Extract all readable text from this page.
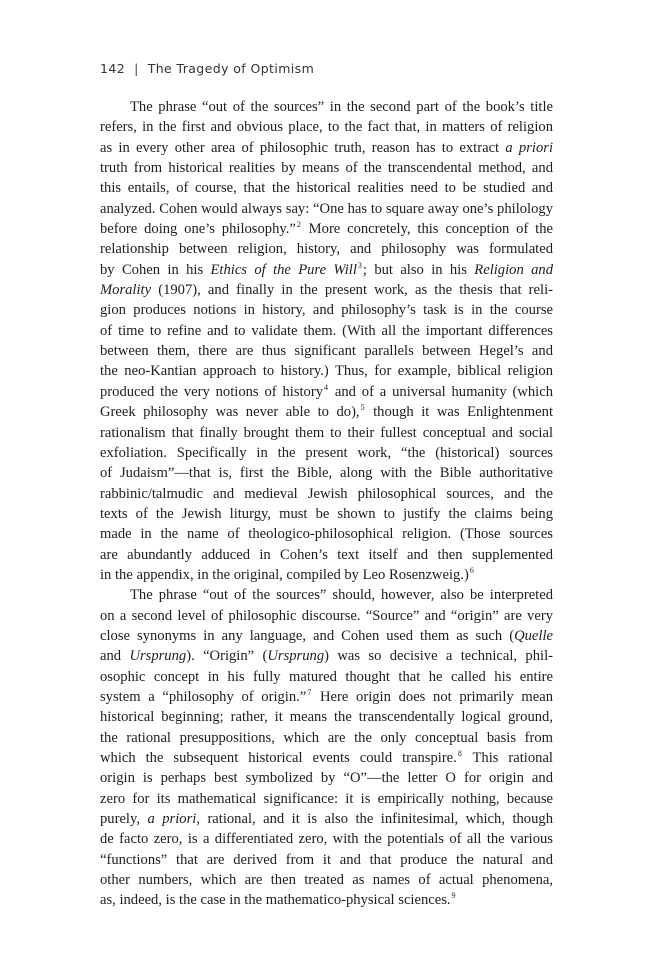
142 | The Tragedy of Optimism
The phrase “out of the sources” in the second part of the book’s title
refers, in the first and obvious place, to the fact that, in matters of religion
as in every other area of philosophic truth, reason has to extract a priori
truth from historical realities by means of the transcendental method, and
this entails, of course, that the historical realities need to be studied and
analyzed. Cohen would always say: “One has to square away one’s philology
before doing one’s philosophy.”$^2$ More concretely, this conception of the
relationship between religion, history, and philosophy was formulated
by Cohen in his Ethics of the Pure Will$^3$; but also in his Religion and
Morality (1907), and finally in the present work, as the thesis that reli-
gion produces notions in history, and philosophy’s task is in the course
of time to refine and to validate them. (With all the important differences
between them, there are thus significant parallels between Hegel’s and
the neo-Kantian approach to history.) Thus, for example, biblical religion
produced the very notions of history$^4$ and of a universal humanity (which
Greek philosophy was never able to do),$^5$ though it was Enlightenment
rationalism that finally brought them to their fullest conceptual and social
exfoliation. Specifically in the present work, “the (historical) sources
of Judaism”—that is, first the Bible, along with the Bible authoritative
rabbinic/talmudic and medieval Jewish philosophical sources, and the
texts of the Jewish liturgy, must be shown to justify the claims being
made in the name of theologico-philosophical religion. (Those sources
are abundantly adduced in Cohen’s text itself and then supplemented
in the appendix, in the original, compiled by Leo Rosenzweig.)$^6$
The phrase “out of the sources” should, however, also be interpreted
on a second level of philosophic discourse. “Source” and “origin” are very
close synonyms in any language, and Cohen used them as such (Quelle
and Ursprung). “Origin” (Ursprung) was so decisive a technical, phil-
osophic concept in his fully matured thought that he called his entire
system a “philosophy of origin.”$^7$ Here origin does not primarily mean
historical beginning; rather, it means the transcendentally logical ground,
the rational presuppositions, which are the only conceptual basis from
which the subsequent historical events could transpire.$^8$ This rational
origin is perhaps best symbolized by “O”—the letter O for origin and
zero for its mathematical significance: it is empirically nothing, because
purely, a priori, rational, and it is also the infinitesimal, which, though
de facto zero, is a differentiated zero, with the potentials of all the various
“functions” that are derived from it and that produce the natural and
other numbers, which are then treated as names of actual phenomena,
as, indeed, is the case in the mathematico-physical sciences.$^9$
